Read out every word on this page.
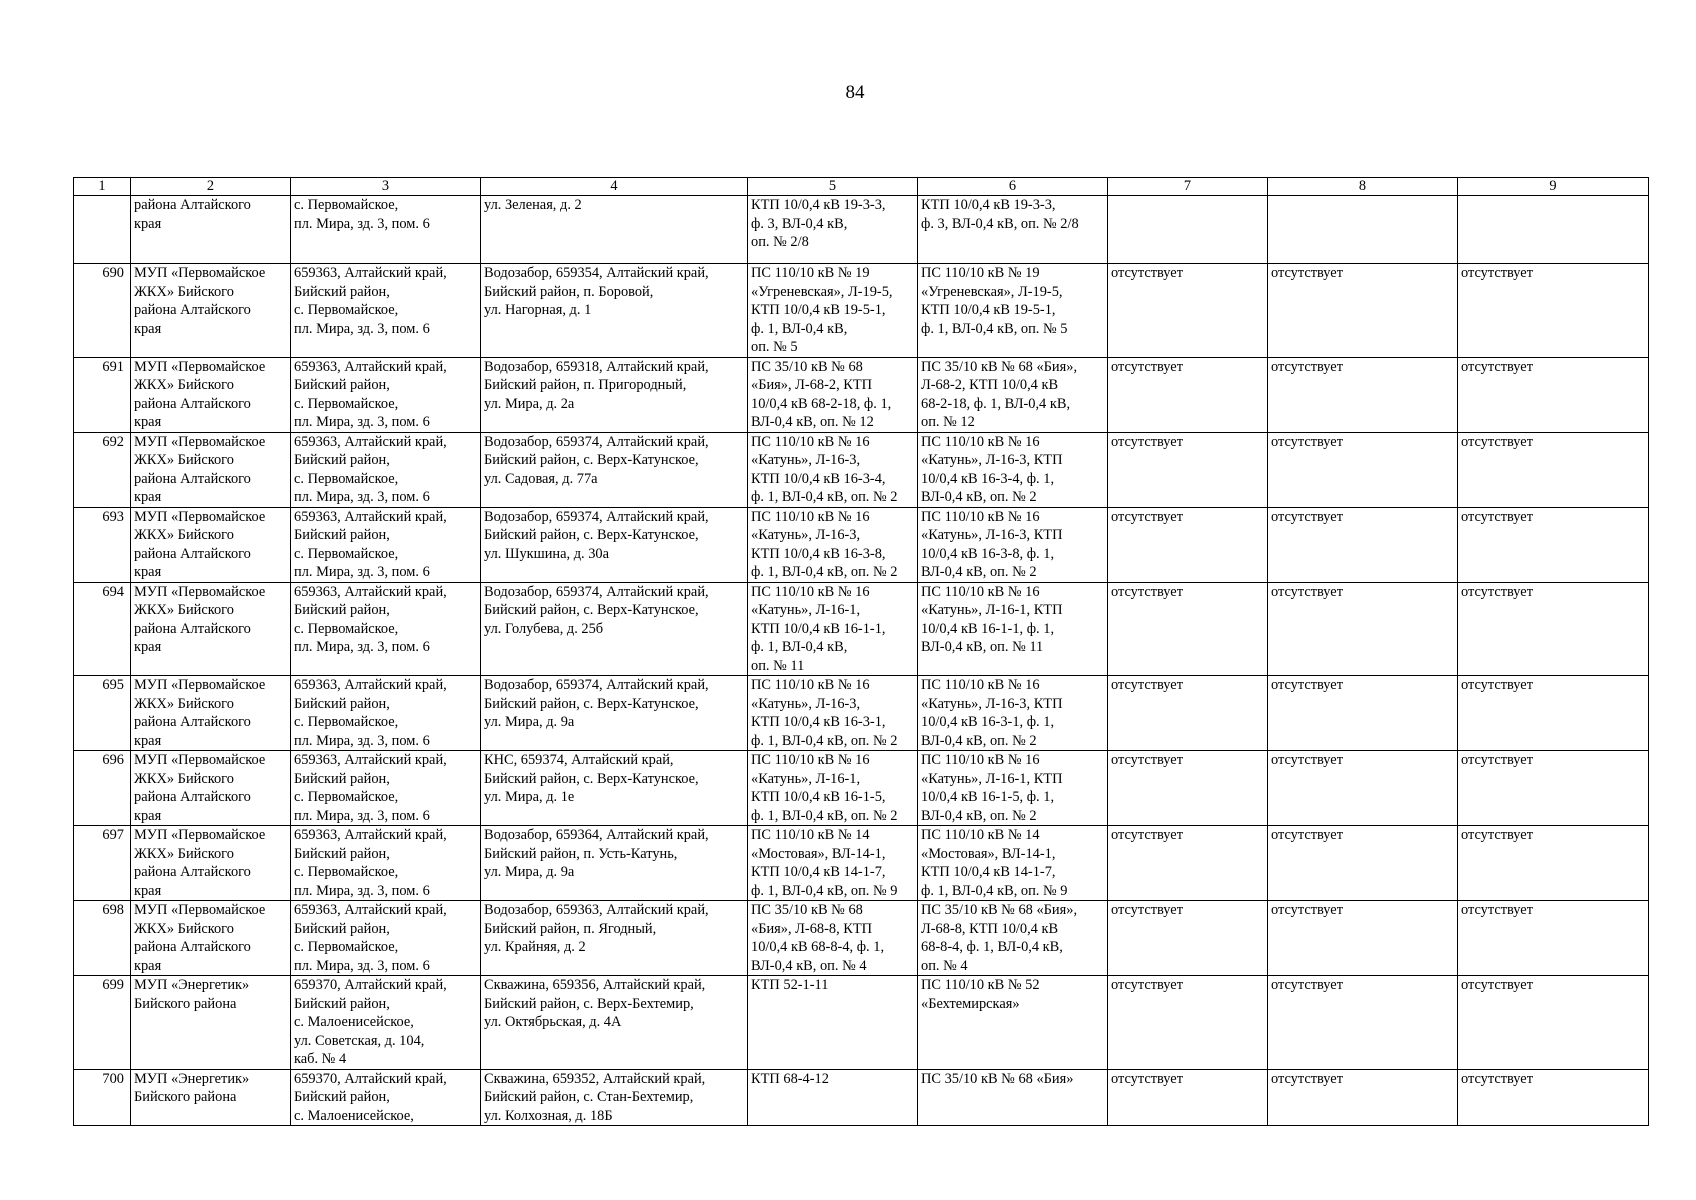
84
1	2	3	4	5	6	7	8	9
	района Алтайского
края	с. Первомайское,
пл. Мира, зд. 3, пом. 6	ул. Зеленая, д. 2	КТП 10/0,4 кВ 19-3-3,
ф. 3, ВЛ-0,4 кВ,
оп. № 2/8	КТП 10/0,4 кВ 19-3-3,
ф. 3, ВЛ-0,4 кВ, оп. № 2/8			
690	МУП «Первомайское
ЖКХ» Бийского
района Алтайского
края	659363, Алтайский край,
Бийский район,
с. Первомайское,
пл. Мира, зд. 3, пом. 6	Водозабор, 659354, Алтайский край,
Бийский район, п. Боровой,
ул. Нагорная, д. 1	ПС 110/10 кВ № 19
«Угреневская», Л-19-5,
КТП 10/0,4 кВ 19-5-1,
ф. 1, ВЛ-0,4 кВ,
оп. № 5	ПС 110/10 кВ № 19
«Угреневская», Л-19-5,
КТП 10/0,4 кВ 19-5-1,
ф. 1, ВЛ-0,4 кВ, оп. № 5	отсутствует	отсутствует	отсутствует
691	МУП «Первомайское
ЖКХ» Бийского
района Алтайского
края	659363, Алтайский край,
Бийский район,
с. Первомайское,
пл. Мира, зд. 3, пом. 6	Водозабор, 659318, Алтайский край,
Бийский район, п. Пригородный,
ул. Мира, д. 2а	ПС 35/10 кВ № 68
«Бия», Л-68-2, КТП
10/0,4 кВ 68-2-18, ф. 1,
ВЛ-0,4 кВ, оп. № 12	ПС 35/10 кВ № 68 «Бия»,
Л-68-2, КТП 10/0,4 кВ
68-2-18, ф. 1, ВЛ-0,4 кВ,
оп. № 12	отсутствует	отсутствует	отсутствует
692	МУП «Первомайское
ЖКХ» Бийского
района Алтайского
края	659363, Алтайский край,
Бийский район,
с. Первомайское,
пл. Мира, зд. 3, пом. 6	Водозабор, 659374, Алтайский край,
Бийский район, с. Верх-Катунское,
ул. Садовая, д. 77а	ПС 110/10 кВ № 16
«Катунь», Л-16-3,
КТП 10/0,4 кВ 16-3-4,
ф. 1, ВЛ-0,4 кВ, оп. № 2	ПС 110/10 кВ № 16
«Катунь», Л-16-3, КТП
10/0,4 кВ 16-3-4, ф. 1,
ВЛ-0,4 кВ, оп. № 2	отсутствует	отсутствует	отсутствует
693	МУП «Первомайское
ЖКХ» Бийского
района Алтайского
края	659363, Алтайский край,
Бийский район,
с. Первомайское,
пл. Мира, зд. 3, пом. 6	Водозабор, 659374, Алтайский край,
Бийский район, с. Верх-Катунское,
ул. Шукшина, д. 30а	ПС 110/10 кВ № 16
«Катунь», Л-16-3,
КТП 10/0,4 кВ 16-3-8,
ф. 1, ВЛ-0,4 кВ, оп. № 2	ПС 110/10 кВ № 16
«Катунь», Л-16-3, КТП
10/0,4 кВ 16-3-8, ф. 1,
ВЛ-0,4 кВ, оп. № 2	отсутствует	отсутствует	отсутствует
694	МУП «Первомайское
ЖКХ» Бийского
района Алтайского
края	659363, Алтайский край,
Бийский район,
с. Первомайское,
пл. Мира, зд. 3, пом. 6	Водозабор, 659374, Алтайский край,
Бийский район, с. Верх-Катунское,
ул. Голубева, д. 25б	ПС 110/10 кВ № 16
«Катунь», Л-16-1,
КТП 10/0,4 кВ 16-1-1,
ф. 1, ВЛ-0,4 кВ,
оп. № 11	ПС 110/10 кВ № 16
«Катунь», Л-16-1, КТП
10/0,4 кВ 16-1-1, ф. 1,
ВЛ-0,4 кВ, оп. № 11	отсутствует	отсутствует	отсутствует
695	МУП «Первомайское
ЖКХ» Бийского
района Алтайского
края	659363, Алтайский край,
Бийский район,
с. Первомайское,
пл. Мира, зд. 3, пом. 6	Водозабор, 659374, Алтайский край,
Бийский район, с. Верх-Катунское,
ул. Мира, д. 9а	ПС 110/10 кВ № 16
«Катунь», Л-16-3,
КТП 10/0,4 кВ 16-3-1,
ф. 1, ВЛ-0,4 кВ, оп. № 2	ПС 110/10 кВ № 16
«Катунь», Л-16-3, КТП
10/0,4 кВ 16-3-1, ф. 1,
ВЛ-0,4 кВ, оп. № 2	отсутствует	отсутствует	отсутствует
696	МУП «Первомайское
ЖКХ» Бийского
района Алтайского
края	659363, Алтайский край,
Бийский район,
с. Первомайское,
пл. Мира, зд. 3, пом. 6	КНС, 659374, Алтайский край,
Бийский район, с. Верх-Катунское,
ул. Мира, д. 1е	ПС 110/10 кВ № 16
«Катунь», Л-16-1,
КТП 10/0,4 кВ 16-1-5,
ф. 1, ВЛ-0,4 кВ, оп. № 2	ПС 110/10 кВ № 16
«Катунь», Л-16-1, КТП
10/0,4 кВ 16-1-5, ф. 1,
ВЛ-0,4 кВ, оп. № 2	отсутствует	отсутствует	отсутствует
697	МУП «Первомайское
ЖКХ» Бийского
района Алтайского
края	659363, Алтайский край,
Бийский район,
с. Первомайское,
пл. Мира, зд. 3, пом. 6	Водозабор, 659364, Алтайский край,
Бийский район, п. Усть-Катунь,
ул. Мира, д. 9а	ПС 110/10 кВ № 14
«Мостовая», ВЛ-14-1,
КТП 10/0,4 кВ 14-1-7,
ф. 1, ВЛ-0,4 кВ, оп. № 9	ПС 110/10 кВ № 14
«Мостовая», ВЛ-14-1,
КТП 10/0,4 кВ 14-1-7,
ф. 1, ВЛ-0,4 кВ, оп. № 9	отсутствует	отсутствует	отсутствует
698	МУП «Первомайское
ЖКХ» Бийского
района Алтайского
края	659363, Алтайский край,
Бийский район,
с. Первомайское,
пл. Мира, зд. 3, пом. 6	Водозабор, 659363, Алтайский край,
Бийский район, п. Ягодный,
ул. Крайняя, д. 2	ПС 35/10 кВ № 68
«Бия», Л-68-8, КТП
10/0,4 кВ 68-8-4, ф. 1,
ВЛ-0,4 кВ, оп. № 4	ПС 35/10 кВ № 68 «Бия»,
Л-68-8, КТП 10/0,4 кВ
68-8-4, ф. 1, ВЛ-0,4 кВ,
оп. № 4	отсутствует	отсутствует	отсутствует
699	МУП «Энергетик»
Бийского района	659370, Алтайский край,
Бийский район,
с. Малоенисейское,
ул. Советская, д. 104,
каб. № 4	Скважина, 659356, Алтайский край,
Бийский район, с. Верх-Бехтемир,
ул. Октябрьская, д. 4А	КТП 52-1-11	ПС 110/10 кВ № 52
«Бехтемирская»	отсутствует	отсутствует	отсутствует
700	МУП «Энергетик»
Бийского района	659370, Алтайский край,
Бийский район,
с. Малоенисейское,	Скважина, 659352, Алтайский край,
Бийский район, с. Стан-Бехтемир,
ул. Колхозная, д. 18Б	КТП 68-4-12	ПС 35/10 кВ № 68 «Бия»	отсутствует	отсутствует	отсутствует
